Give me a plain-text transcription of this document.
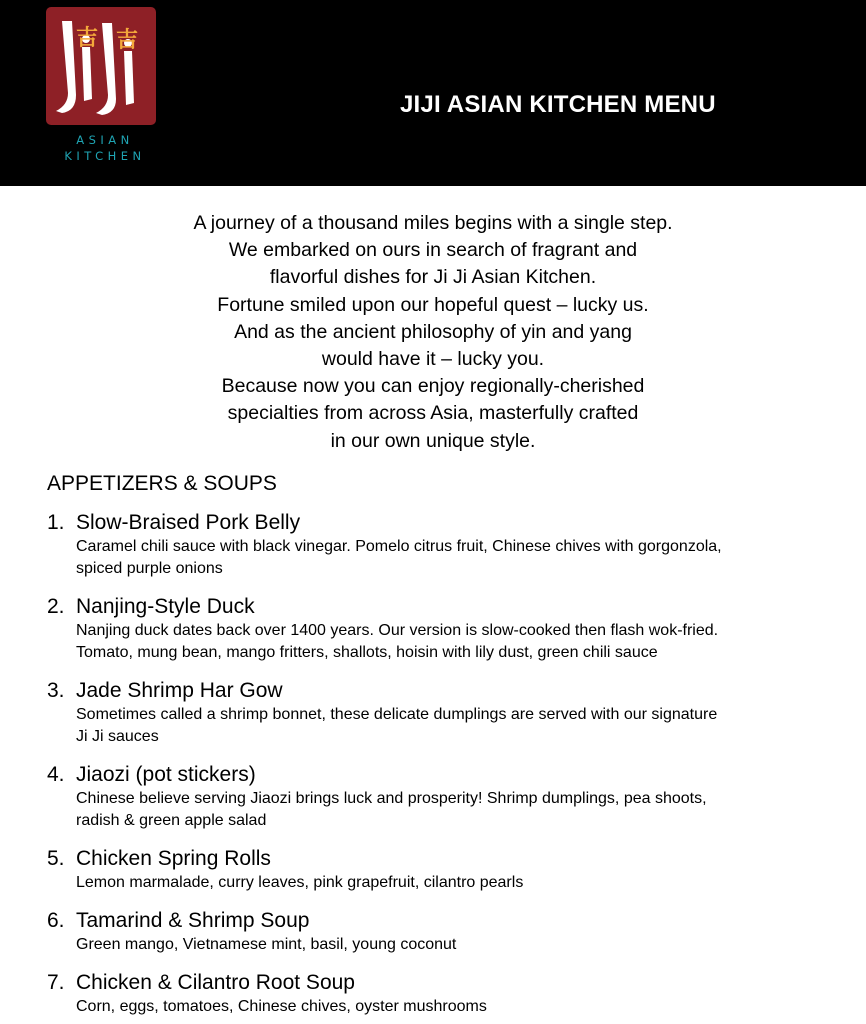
吉 吉
ASIAN
KITCHEN
JIJI ASIAN KITCHEN MENU
A journey of a thousand miles begins with a single step.
We embarked on ours in search of fragrant and
flavorful dishes for Ji Ji Asian Kitchen.
Fortune smiled upon our hopeful quest – lucky us.
And as the ancient philosophy of yin and yang
would have it – lucky you.
Because now you can enjoy regionally-cherished
specialties from across Asia, masterfully crafted
in our own unique style.
APPETIZERS & SOUPS
1. Slow-Braised Pork Belly
Caramel chili sauce with black vinegar. Pomelo citrus fruit, Chinese chives with gorgonzola,
spiced purple onions
2. Nanjing-Style Duck
Nanjing duck dates back over 1400 years. Our version is slow-cooked then flash wok-fried.
Tomato, mung bean, mango fritters, shallots, hoisin with lily dust, green chili sauce
3. Jade Shrimp Har Gow
Sometimes called a shrimp bonnet, these delicate dumplings are served with our signature
Ji Ji sauces
4. Jiaozi (pot stickers)
Chinese believe serving Jiaozi brings luck and prosperity! Shrimp dumplings, pea shoots,
radish & green apple salad
5. Chicken Spring Rolls
Lemon marmalade, curry leaves, pink grapefruit, cilantro pearls
6. Tamarind & Shrimp Soup
Green mango, Vietnamese mint, basil, young coconut
7. Chicken & Cilantro Root Soup
Corn, eggs, tomatoes, Chinese chives, oyster mushrooms
